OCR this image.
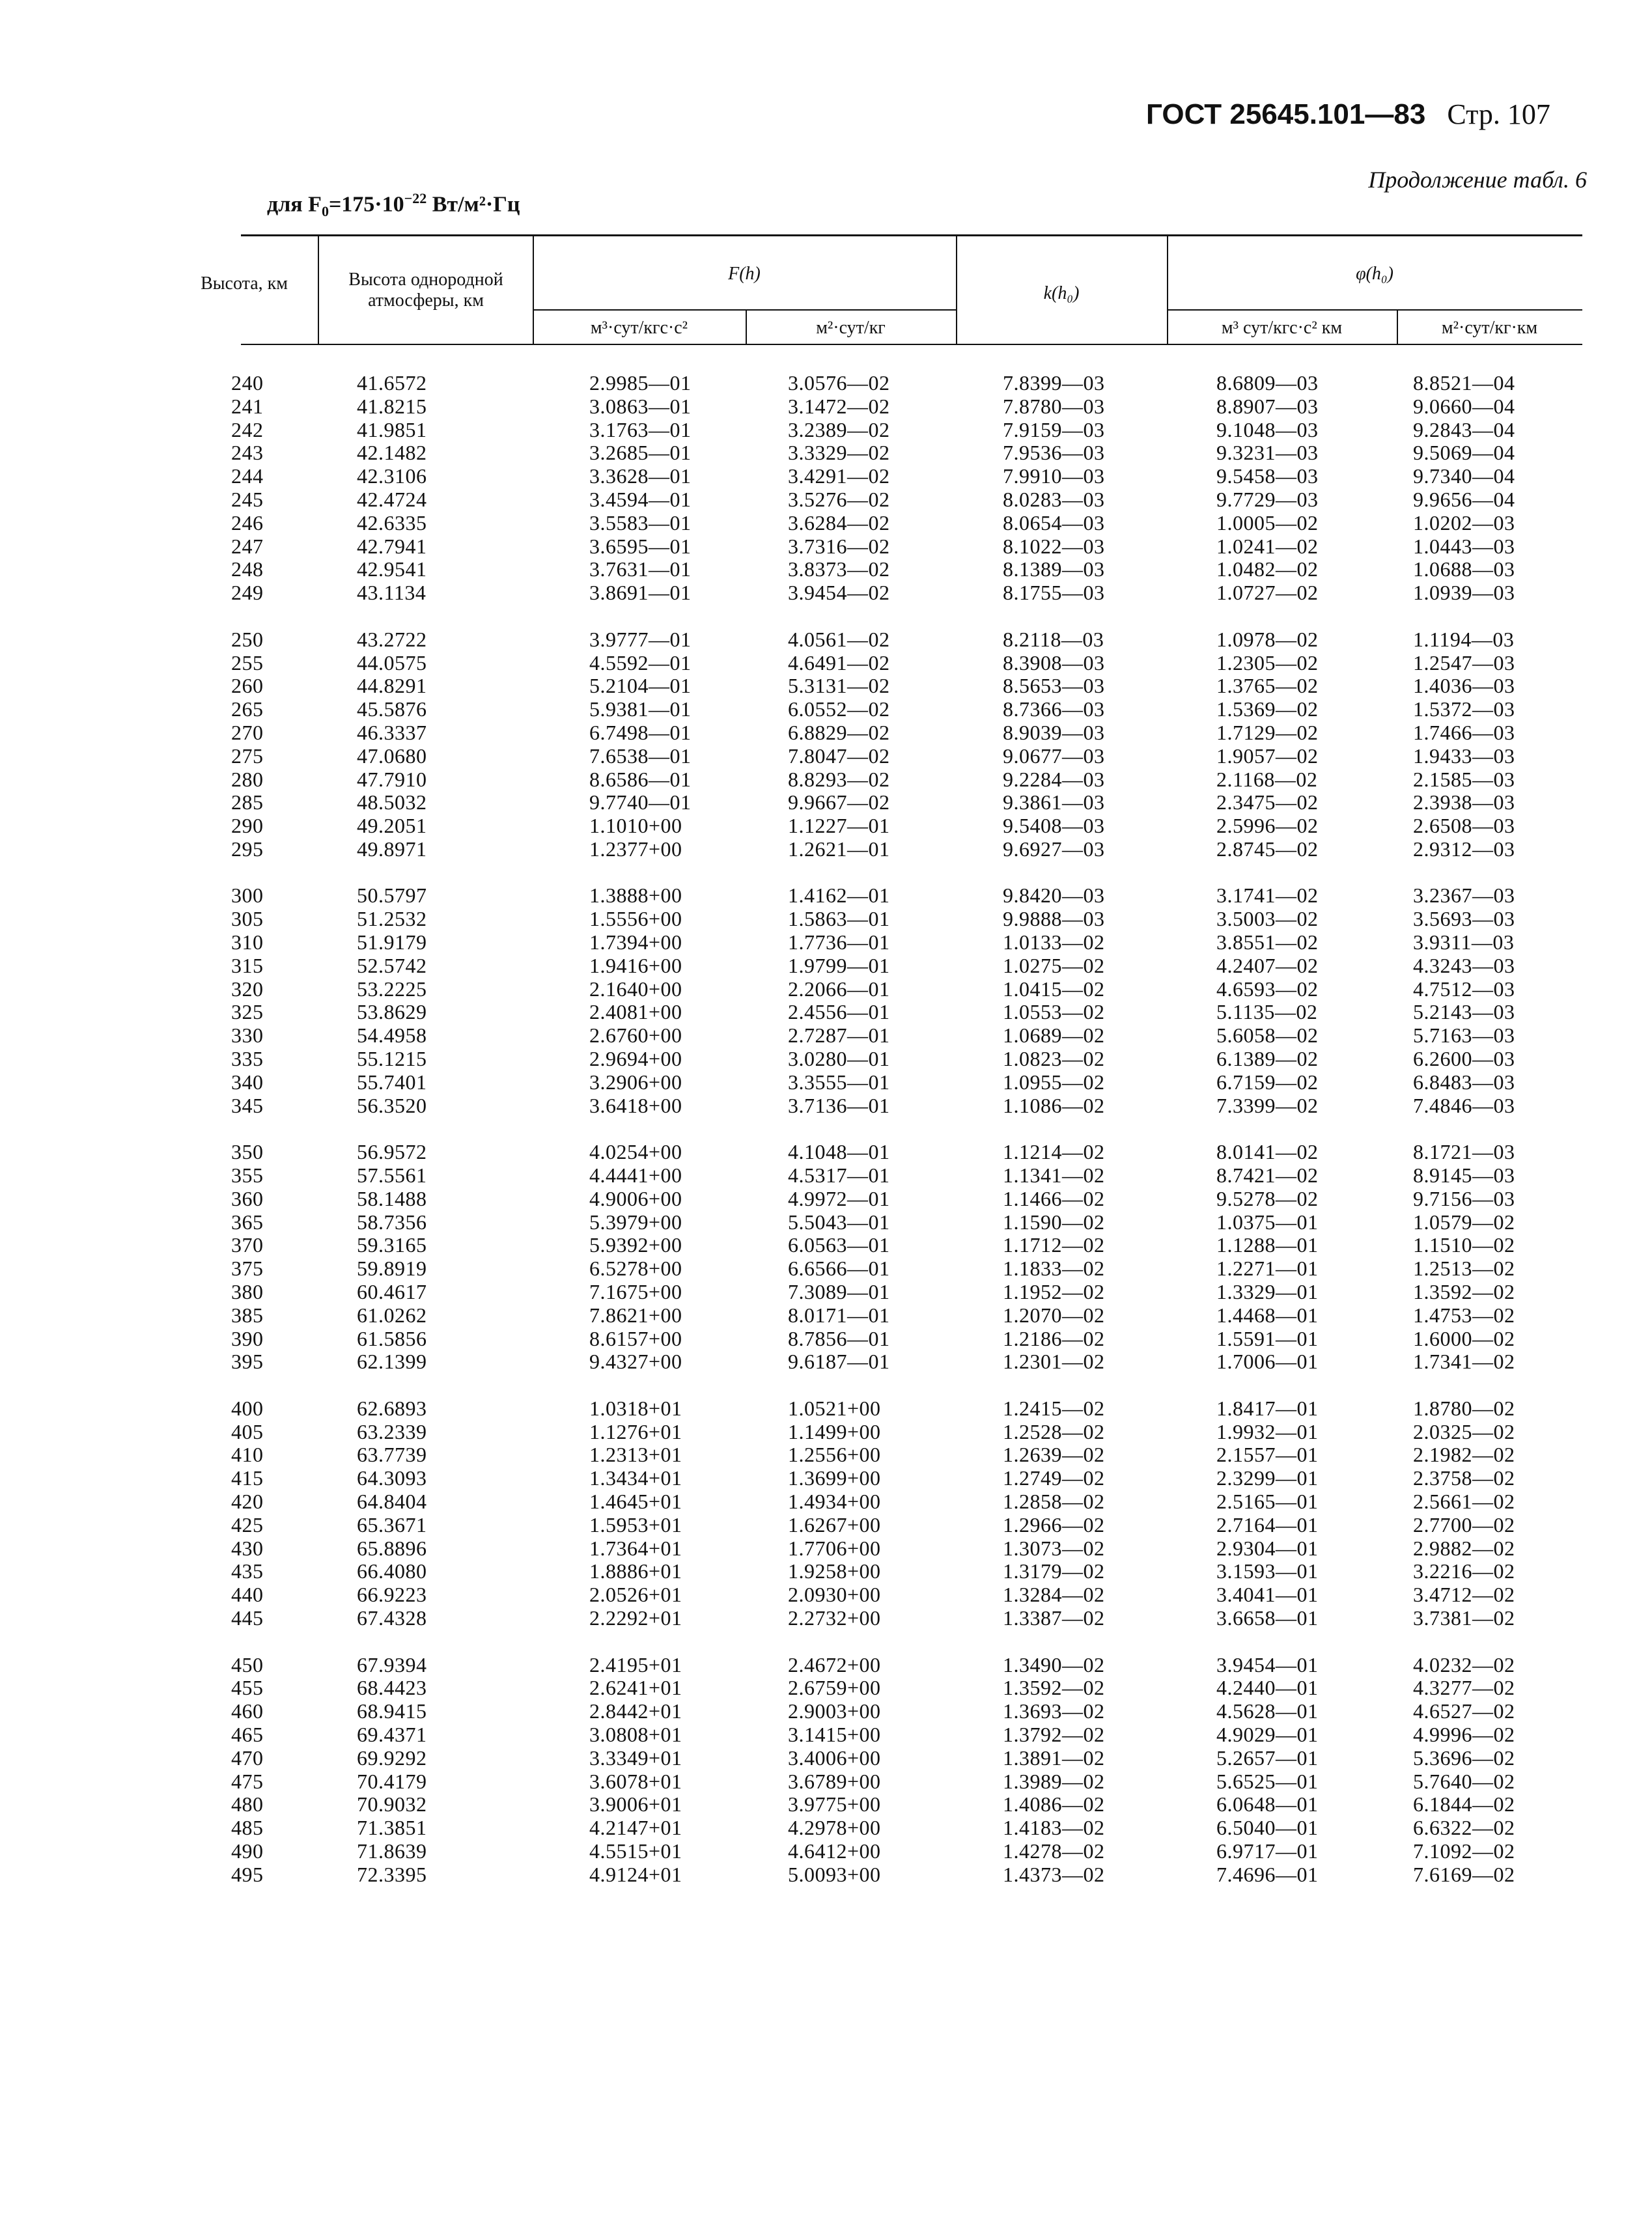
ГОСТ 25645.101—83 Стр. 107
Продолжение табл. 6
для $F_0=175\cdot 10^{-22}$ Вт/м²·Гц
Высота, км	Высота однородной атмосферы, км
F(h)
м³·сут/кгс·с²	м²·сут/кг
k(h₀)
φ(h₀)
м³ сут/кгс·с² км	м²·сут/кг·км
240	41.6572	2.9985—01	3.0576—02	7.8399—03	8.6809—03	8.8521—04
241	41.8215	3.0863—01	3.1472—02	7.8780—03	8.8907—03	9.0660—04
242	41.9851	3.1763—01	3.2389—02	7.9159—03	9.1048—03	9.2843—04
243	42.1482	3.2685—01	3.3329—02	7.9536—03	9.3231—03	9.5069—04
244	42.3106	3.3628—01	3.4291—02	7.9910—03	9.5458—03	9.7340—04
245	42.4724	3.4594—01	3.5276—02	8.0283—03	9.7729—03	9.9656—04
246	42.6335	3.5583—01	3.6284—02	8.0654—03	1.0005—02	1.0202—03
247	42.7941	3.6595—01	3.7316—02	8.1022—03	1.0241—02	1.0443—03
248	42.9541	3.7631—01	3.8373—02	8.1389—03	1.0482—02	1.0688—03
249	43.1134	3.8691—01	3.9454—02	8.1755—03	1.0727—02	1.0939—03
250	43.2722	3.9777—01	4.0561—02	8.2118—03	1.0978—02	1.1194—03
255	44.0575	4.5592—01	4.6491—02	8.3908—03	1.2305—02	1.2547—03
260	44.8291	5.2104—01	5.3131—02	8.5653—03	1.3765—02	1.4036—03
265	45.5876	5.9381—01	6.0552—02	8.7366—03	1.5369—02	1.5372—03
270	46.3337	6.7498—01	6.8829—02	8.9039—03	1.7129—02	1.7466—03
275	47.0680	7.6538—01	7.8047—02	9.0677—03	1.9057—02	1.9433—03
280	47.7910	8.6586—01	8.8293—02	9.2284—03	2.1168—02	2.1585—03
285	48.5032	9.7740—01	9.9667—02	9.3861—03	2.3475—02	2.3938—03
290	49.2051	1.1010+00	1.1227—01	9.5408—03	2.5996—02	2.6508—03
295	49.8971	1.2377+00	1.2621—01	9.6927—03	2.8745—02	2.9312—03
300	50.5797	1.3888+00	1.4162—01	9.8420—03	3.1741—02	3.2367—03
305	51.2532	1.5556+00	1.5863—01	9.9888—03	3.5003—02	3.5693—03
310	51.9179	1.7394+00	1.7736—01	1.0133—02	3.8551—02	3.9311—03
315	52.5742	1.9416+00	1.9799—01	1.0275—02	4.2407—02	4.3243—03
320	53.2225	2.1640+00	2.2066—01	1.0415—02	4.6593—02	4.7512—03
325	53.8629	2.4081+00	2.4556—01	1.0553—02	5.1135—02	5.2143—03
330	54.4958	2.6760+00	2.7287—01	1.0689—02	5.6058—02	5.7163—03
335	55.1215	2.9694+00	3.0280—01	1.0823—02	6.1389—02	6.2600—03
340	55.7401	3.2906+00	3.3555—01	1.0955—02	6.7159—02	6.8483—03
345	56.3520	3.6418+00	3.7136—01	1.1086—02	7.3399—02	7.4846—03
350	56.9572	4.0254+00	4.1048—01	1.1214—02	8.0141—02	8.1721—03
355	57.5561	4.4441+00	4.5317—01	1.1341—02	8.7421—02	8.9145—03
360	58.1488	4.9006+00	4.9972—01	1.1466—02	9.5278—02	9.7156—03
365	58.7356	5.3979+00	5.5043—01	1.1590—02	1.0375—01	1.0579—02
370	59.3165	5.9392+00	6.0563—01	1.1712—02	1.1288—01	1.1510—02
375	59.8919	6.5278+00	6.6566—01	1.1833—02	1.2271—01	1.2513—02
380	60.4617	7.1675+00	7.3089—01	1.1952—02	1.3329—01	1.3592—02
385	61.0262	7.8621+00	8.0171—01	1.2070—02	1.4468—01	1.4753—02
390	61.5856	8.6157+00	8.7856—01	1.2186—02	1.5591—01	1.6000—02
395	62.1399	9.4327+00	9.6187—01	1.2301—02	1.7006—01	1.7341—02
400	62.6893	1.0318+01	1.0521+00	1.2415—02	1.8417—01	1.8780—02
405	63.2339	1.1276+01	1.1499+00	1.2528—02	1.9932—01	2.0325—02
410	63.7739	1.2313+01	1.2556+00	1.2639—02	2.1557—01	2.1982—02
415	64.3093	1.3434+01	1.3699+00	1.2749—02	2.3299—01	2.3758—02
420	64.8404	1.4645+01	1.4934+00	1.2858—02	2.5165—01	2.5661—02
425	65.3671	1.5953+01	1.6267+00	1.2966—02	2.7164—01	2.7700—02
430	65.8896	1.7364+01	1.7706+00	1.3073—02	2.9304—01	2.9882—02
435	66.4080	1.8886+01	1.9258+00	1.3179—02	3.1593—01	3.2216—02
440	66.9223	2.0526+01	2.0930+00	1.3284—02	3.4041—01	3.4712—02
445	67.4328	2.2292+01	2.2732+00	1.3387—02	3.6658—01	3.7381—02
450	67.9394	2.4195+01	2.4672+00	1.3490—02	3.9454—01	4.0232—02
455	68.4423	2.6241+01	2.6759+00	1.3592—02	4.2440—01	4.3277—02
460	68.9415	2.8442+01	2.9003+00	1.3693—02	4.5628—01	4.6527—02
465	69.4371	3.0808+01	3.1415+00	1.3792—02	4.9029—01	4.9996—02
470	69.9292	3.3349+01	3.4006+00	1.3891—02	5.2657—01	5.3696—02
475	70.4179	3.6078+01	3.6789+00	1.3989—02	5.6525—01	5.7640—02
480	70.9032	3.9006+01	3.9775+00	1.4086—02	6.0648—01	6.1844—02
485	71.3851	4.2147+01	4.2978+00	1.4183—02	6.5040—01	6.6322—02
490	71.8639	4.5515+01	4.6412+00	1.4278—02	6.9717—01	7.1092—02
495	72.3395	4.9124+01	5.0093+00	1.4373—02	7.4696—01	7.6169—02
